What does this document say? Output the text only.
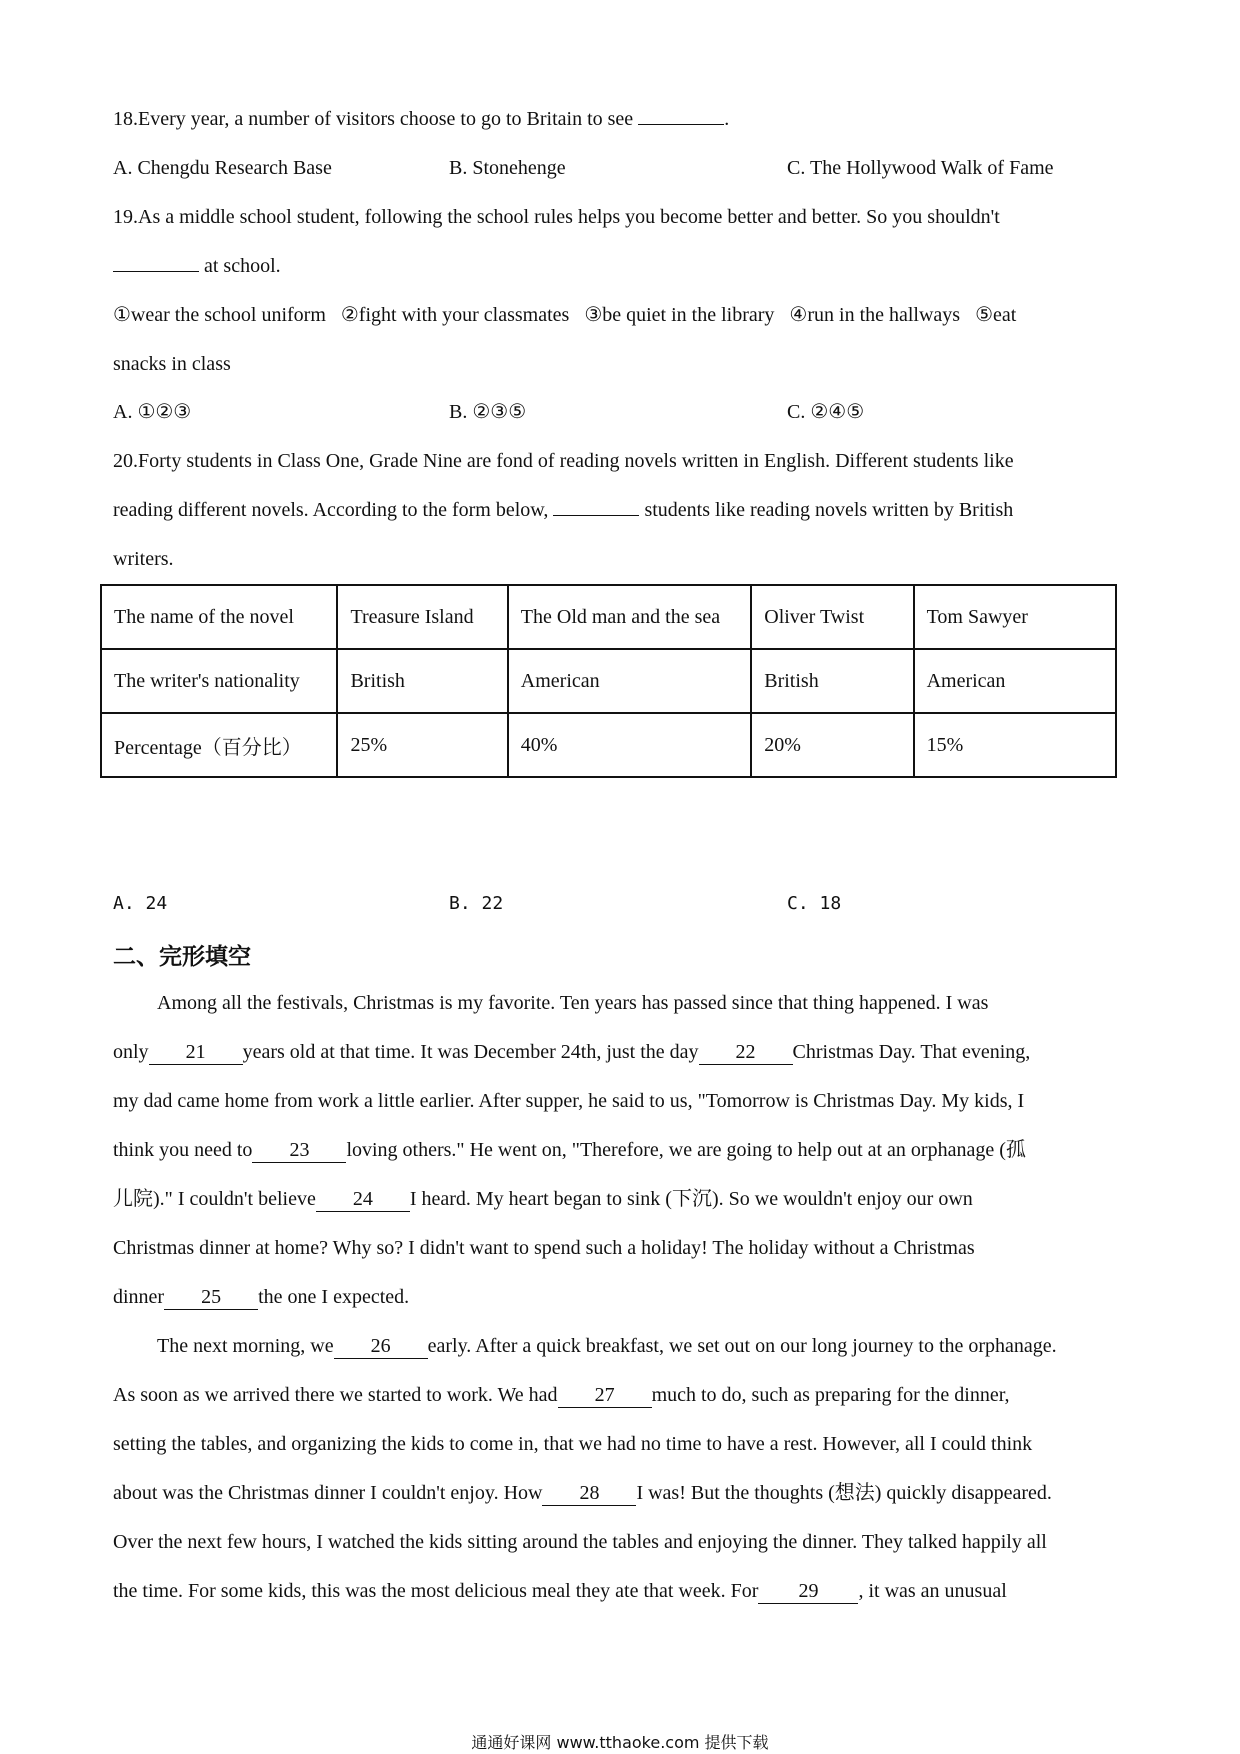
18.Every year, a number of visitors choose to go to Britain to see	.
A. Chengdu Research Base	B. Stonehenge	C. The Hollywood Walk of Fame
19.As a middle school student, following the school rules helps you become better and better. So you shouldn't
at school.
①wear the school uniform   ②fight with your classmates   ③be quiet in the library   ④run in the hallways   ⑤eat
snacks in class
A. ①②③	B. ②③⑤	C. ②④⑤
20.Forty students in Class One, Grade Nine are fond of reading novels written in English. Different students like
reading different novels. According to the form below,	students like reading novels written by British
writers.
The name of the novel	Treasure Island	The Old man and the sea	Oliver Twist	Tom Sawyer
The writer's nationality	British	American	British	American
Percentage（百分比）	25%	40%	20%	15%
A. 24	B. 22	C. 18
二、完形填空
Among all the festivals, Christmas is my favorite. Ten years has passed since that thing happened. I was
only 21 years old at that time. It was December 24th, just the day 22 Christmas Day. That evening,
my dad came home from work a little earlier. After supper, he said to us, "Tomorrow is Christmas Day. My kids, I
think you need to 23 loving others." He went on, "Therefore, we are going to help out at an orphanage (孤
儿院)." I couldn't believe 24 I heard. My heart began to sink (下沉). So we wouldn't enjoy our own
Christmas dinner at home? Why so? I didn't want to spend such a holiday! The holiday without a Christmas
dinner 25 the one I expected.
The next morning, we 26 early. After a quick breakfast, we set out on our long journey to the orphanage.
As soon as we arrived there we started to work. We had 27 much to do, such as preparing for the dinner,
setting the tables, and organizing the kids to come in, that we had no time to have a rest. However, all I could think
about was the Christmas dinner I couldn't enjoy. How 28 I was! But the thoughts (想法) quickly disappeared.
Over the next few hours, I watched the kids sitting around the tables and enjoying the dinner. They talked happily all
the time. For some kids, this was the most delicious meal they ate that week. For 29 , it was an unusual
通通好课网 www.tthaoke.com 提供下载
